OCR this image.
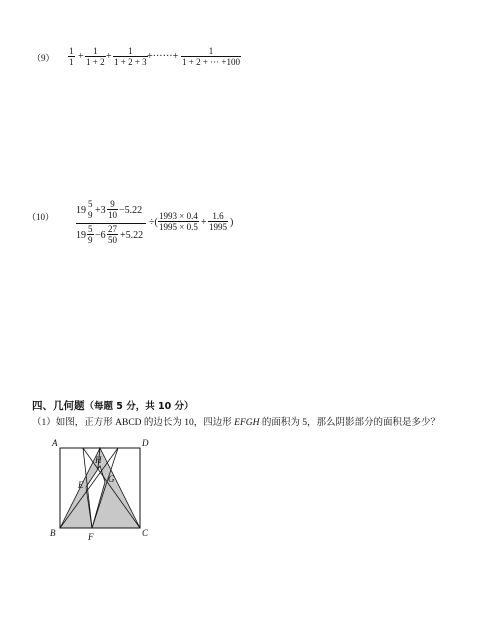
（9）
1
1 + 1
1 + 2 + 1
1 + 2 + 3 +······+	1
1 + 2 + ··· +100
（10）
19
5
9 +3
9
10 −5.22
19
5
9 −6
27
50 +5.22
÷(
1993 × 0.4
1995 × 0.5 +
1.6
1995 )
四、几何题（每题 5 分，共 10 分）
（1）如图，正方形 ABCD 的边长为 10，四边形 EFGH 的面积为 5，那么阴影部分的面积是多少？
A	D
B	C
E
F
G
H
